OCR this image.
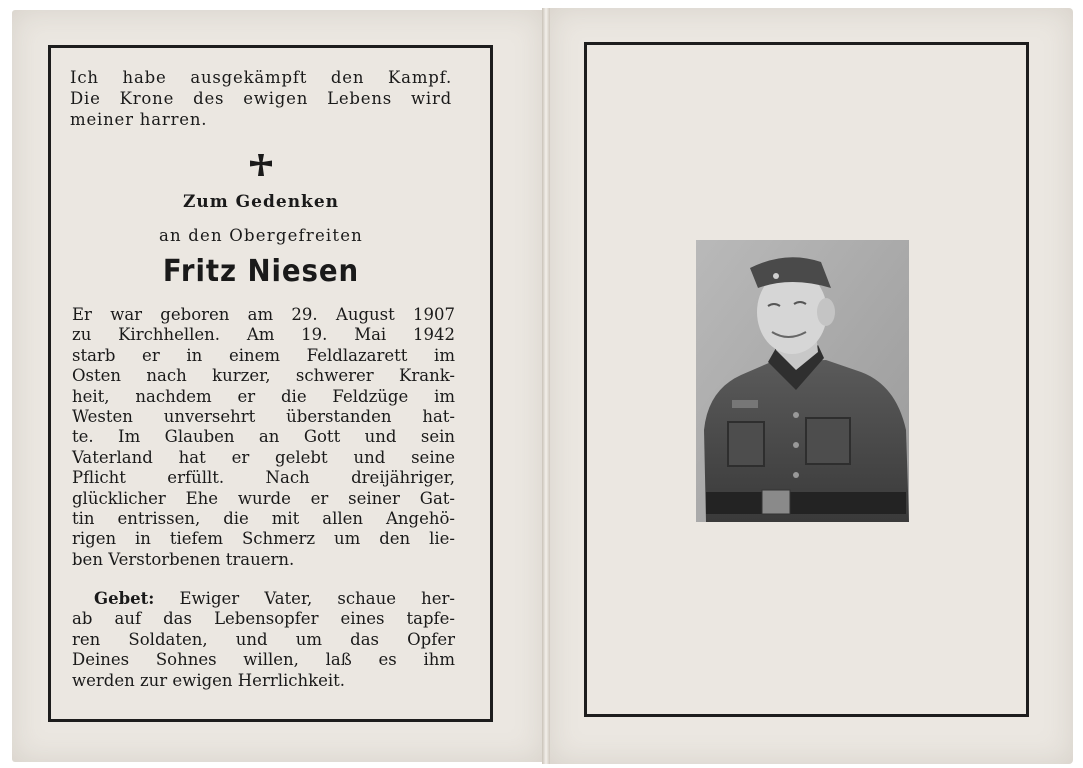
Ich habe ausgekämpft den Kampf.
Die Krone des ewigen Lebens wird
meiner harren.
Zum Gedenken
an den Obergefreiten
Fritz Niesen
Er war geboren am 29. August 1907
zu Kirchhellen. Am 19. Mai 1942
starb er in einem Feldlazarett im
Osten nach kurzer, schwerer Krank-
heit, nachdem er die Feldzüge im
Westen unversehrt überstanden hat-
te. Im Glauben an Gott und sein
Vaterland hat er gelebt und seine
Pflicht erfüllt. Nach dreijähriger,
glücklicher Ehe wurde er seiner Gat-
tin entrissen, die mit allen Angehö-
rigen in tiefem Schmerz um den lie-
ben Verstorbenen trauern.
Gebet: Ewiger Vater, schaue her-
ab auf das Lebensopfer eines tapfe-
ren Soldaten, und um das Opfer
Deines Sohnes willen, laß es ihm
werden zur ewigen Herrlichkeit.
